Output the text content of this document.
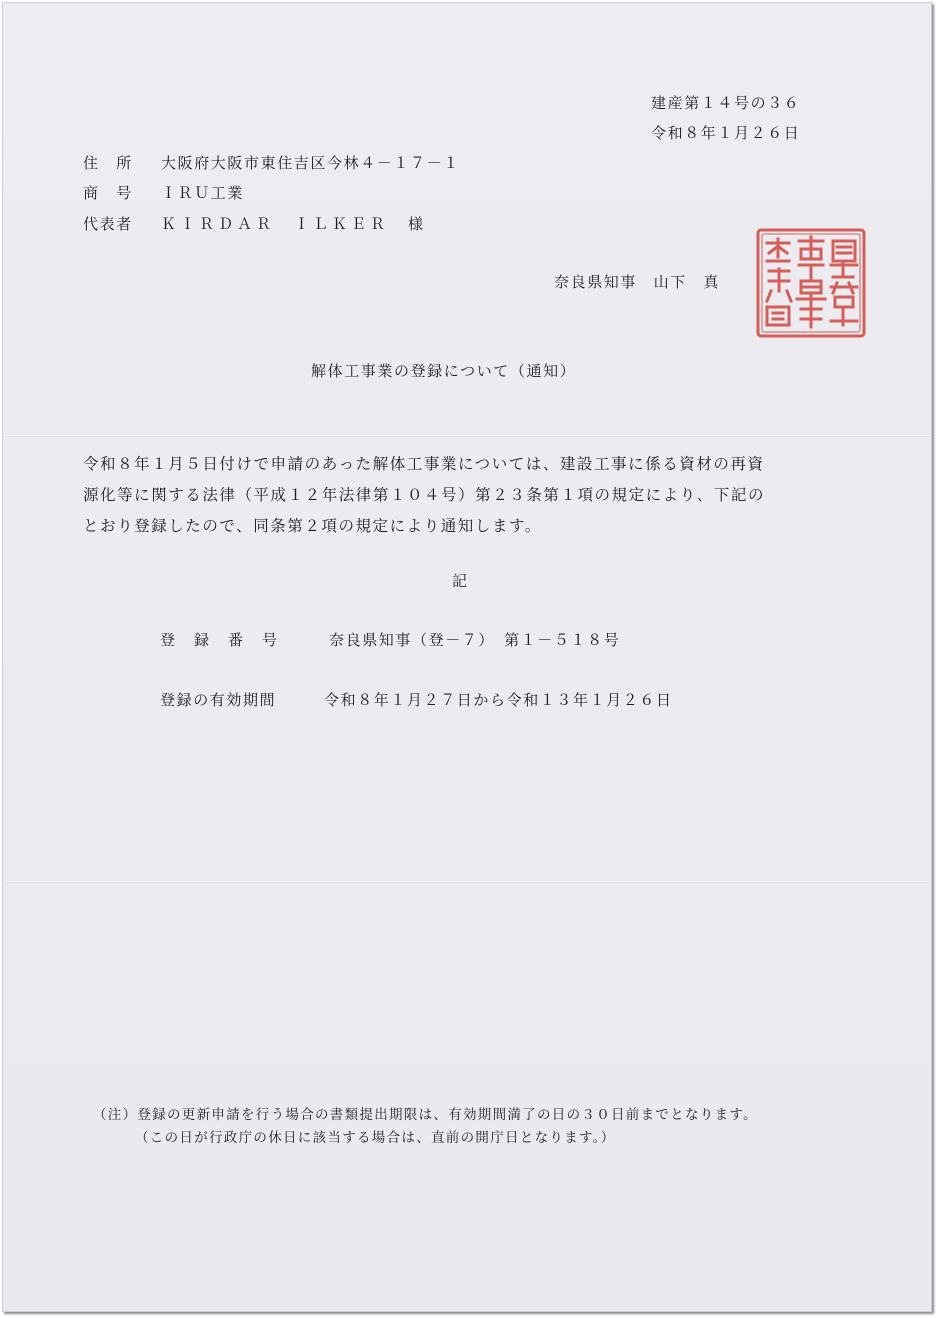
建産第１４号の３６
令和８年１月２６日
住　所 大阪府大阪市東住吉区今林４－１７－１
商　号 ＩＲＵ工業
代表者 ＫＩＲＤＡＲ　ＩＬＫＥＲ　様
奈良県知事　山下　真
解体工事業の登録について（通知）
令和８年１月５日付けで申請のあった解体工事業については、建設工事に係る資材の再資
源化等に関する法律（平成１２年法律第１０４号）第２３条第１項の規定により、下記の
とおり登録したので、同条第２項の規定により通知します。
記
登　録　番　号	奈良県知事（登－７）　第１－５１８号
登録の有効期間	令和８年１月２７日から令和１３年１月２６日
（注）登録の更新申請を行う場合の書類提出期限は、有効期間満了の日の３０日前までとなります。
（この日が行政庁の休日に該当する場合は、直前の開庁日となります。）
